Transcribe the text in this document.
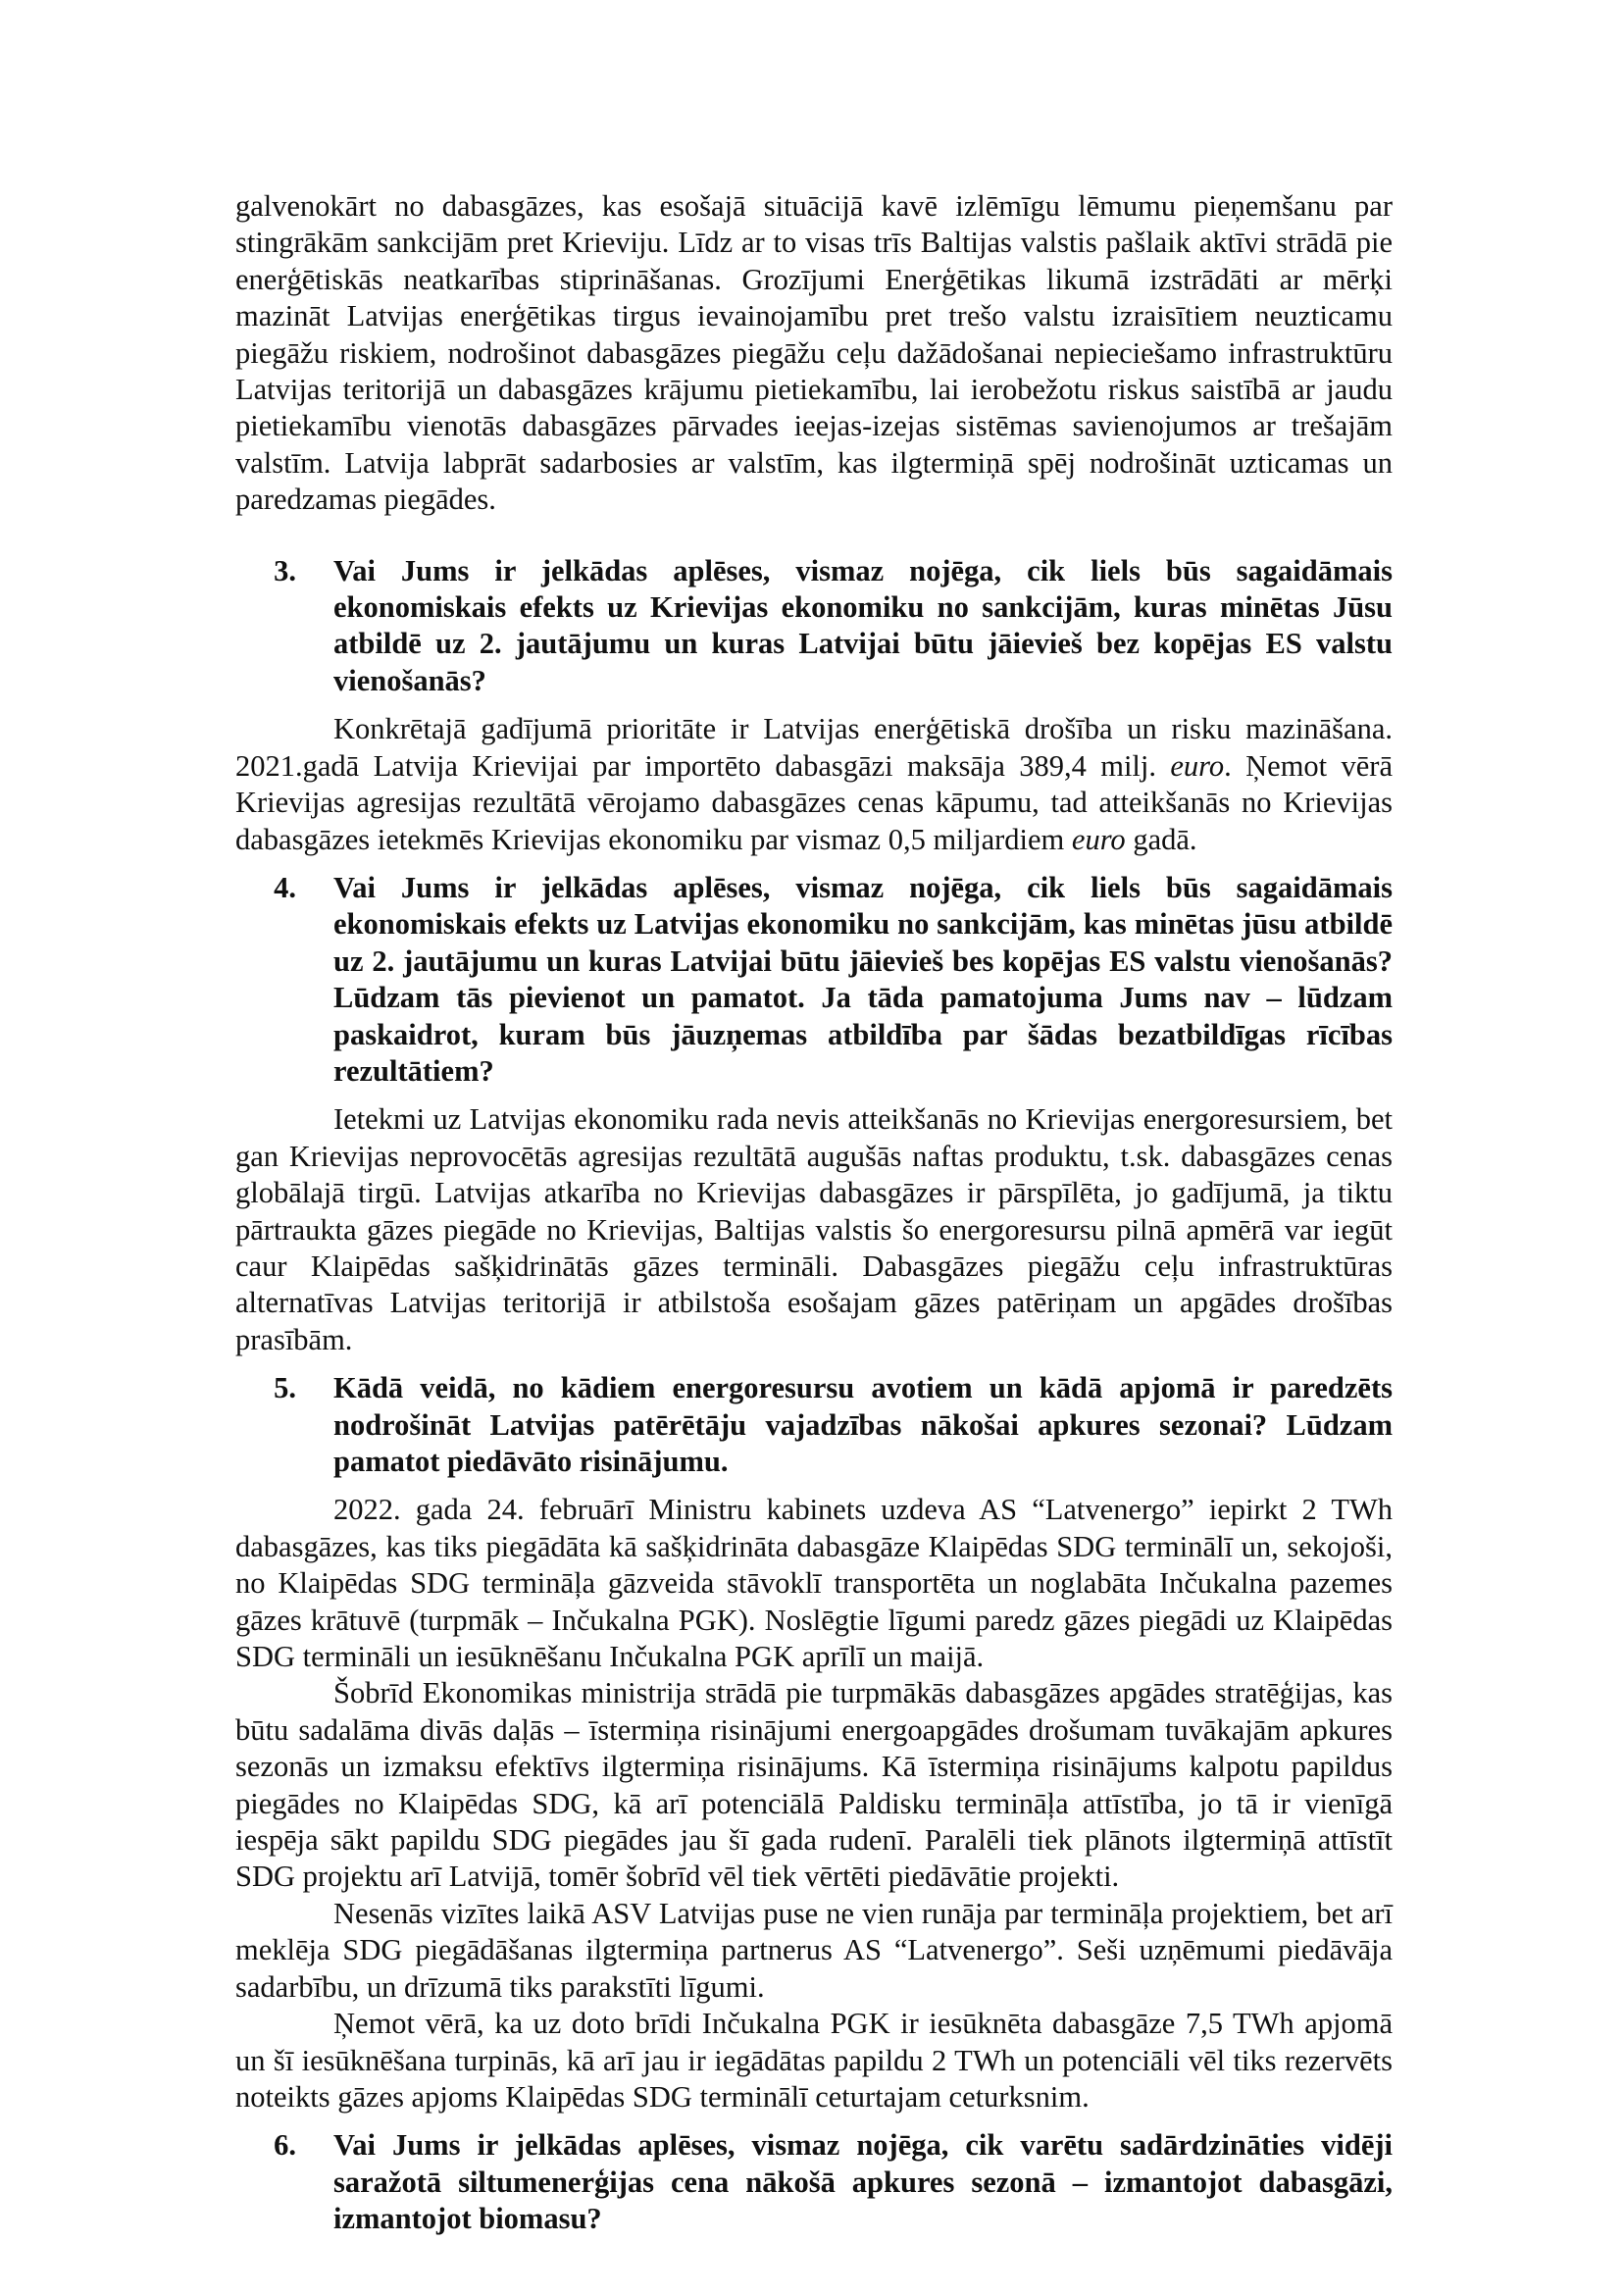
galvenokārt no dabasgāzes, kas esošajā situācijā kavē izlēmīgu lēmumu pieņemšanu par stingrākām sankcijām pret Krieviju. Līdz ar to visas trīs Baltijas valstis pašlaik aktīvi strādā pie enerģētiskās neatkarības stiprināšanas. Grozījumi Enerģētikas likumā izstrādāti ar mērķi mazināt Latvijas enerģētikas tirgus ievainojamību pret trešo valstu izraisītiem neuzticamu piegāžu riskiem, nodrošinot dabasgāzes piegāžu ceļu dažādošanai nepieciešamo infrastruktūru Latvijas teritorijā un dabasgāzes krājumu pietiekamību, lai ierobežotu riskus saistībā ar jaudu pietiekamību vienotās dabasgāzes pārvades ieejas-izejas sistēmas savienojumos ar trešajām valstīm. Latvija labprāt sadarbosies ar valstīm, kas ilgtermiņā spēj nodrošināt uzticamas un paredzamas piegādes.

3.	Vai Jums ir jelkādas aplēses, vismaz nojēga, cik liels būs sagaidāmais ekonomiskais efekts uz Krievijas ekonomiku no sankcijām, kuras minētas Jūsu atbildē uz 2. jautājumu un kuras Latvijai būtu jāievieš bez kopējas ES valstu vienošanās?

Konkrētajā gadījumā prioritāte ir Latvijas enerģētiskā drošība un risku mazināšana. 2021.gadā Latvija Krievijai par importēto dabasgāzi maksāja 389,4 milj. euro. Ņemot vērā Krievijas agresijas rezultātā vērojamo dabasgāzes cenas kāpumu, tad atteikšanās no Krievijas dabasgāzes ietekmēs Krievijas ekonomiku par vismaz 0,5 miljardiem euro gadā.

4.	Vai Jums ir jelkādas aplēses, vismaz nojēga, cik liels būs sagaidāmais ekonomiskais efekts uz Latvijas ekonomiku no sankcijām, kas minētas jūsu atbildē uz 2. jautājumu un kuras Latvijai būtu jāievieš bes kopējas ES valstu vienošanās? Lūdzam tās pievienot un pamatot. Ja tāda pamatojuma Jums nav – lūdzam paskaidrot, kuram būs jāuzņemas atbildība par šādas bezatbildīgas rīcības rezultātiem?

Ietekmi uz Latvijas ekonomiku rada nevis atteikšanās no Krievijas energoresursiem, bet gan Krievijas neprovocētās agresijas rezultātā augušās naftas produktu, t.sk. dabasgāzes cenas globālajā tirgū. Latvijas atkarība no Krievijas dabasgāzes ir pārspīlēta, jo gadījumā, ja tiktu pārtraukta gāzes piegāde no Krievijas, Baltijas valstis šo energoresursu pilnā apmērā var iegūt caur Klaipēdas sašķidrinātās gāzes termināli. Dabasgāzes piegāžu ceļu infrastruktūras alternatīvas Latvijas teritorijā ir atbilstoša esošajam gāzes patēriņam un apgādes drošības prasībām.

5.	Kādā veidā, no kādiem energoresursu avotiem un kādā apjomā ir paredzēts nodrošināt Latvijas patērētāju vajadzības nākošai apkures sezonai? Lūdzam pamatot piedāvāto risinājumu.

2022. gada 24. februārī Ministru kabinets uzdeva AS “Latvenergo” iepirkt 2 TWh dabasgāzes, kas tiks piegādāta kā sašķidrināta dabasgāze Klaipēdas SDG terminālī un, sekojoši, no Klaipēdas SDG termināļa gāzveida stāvoklī transportēta un noglabāta Inčukalna pazemes gāzes krātuvē (turpmāk – Inčukalna PGK). Noslēgtie līgumi paredz gāzes piegādi uz Klaipēdas SDG termināli un iesūknēšanu Inčukalna PGK aprīlī un maijā.

Šobrīd Ekonomikas ministrija strādā pie turpmākās dabasgāzes apgādes stratēģijas, kas būtu sadalāma divās daļās – īstermiņa risinājumi energoapgādes drošumam tuvākajām apkures sezonās un izmaksu efektīvs ilgtermiņa risinājums. Kā īstermiņa risinājums kalpotu papildus piegādes no Klaipēdas SDG, kā arī potenciālā Paldisku termināļa attīstība, jo tā ir vienīgā iespēja sākt papildu SDG piegādes jau šī gada rudenī. Paralēli tiek plānots ilgtermiņā attīstīt SDG projektu arī Latvijā, tomēr šobrīd vēl tiek vērtēti piedāvātie projekti.

Nesenās vizītes laikā ASV Latvijas puse ne vien runāja par termināļa projektiem, bet arī meklēja SDG piegādāšanas ilgtermiņa partnerus AS “Latvenergo”. Seši uzņēmumi piedāvāja sadarbību, un drīzumā tiks parakstīti līgumi.

Ņemot vērā, ka uz doto brīdi Inčukalna PGK ir iesūknēta dabasgāze 7,5 TWh apjomā un šī iesūknēšana turpinās, kā arī jau ir iegādātas papildu 2 TWh un potenciāli vēl tiks rezervēts noteikts gāzes apjoms Klaipēdas SDG terminālī ceturtajam ceturksnim.

6.	Vai Jums ir jelkādas aplēses, vismaz nojēga, cik varētu sadārdzināties vidēji saražotā siltumenerģijas cena nākošā apkures sezonā – izmantojot dabasgāzi, izmantojot biomasu?
